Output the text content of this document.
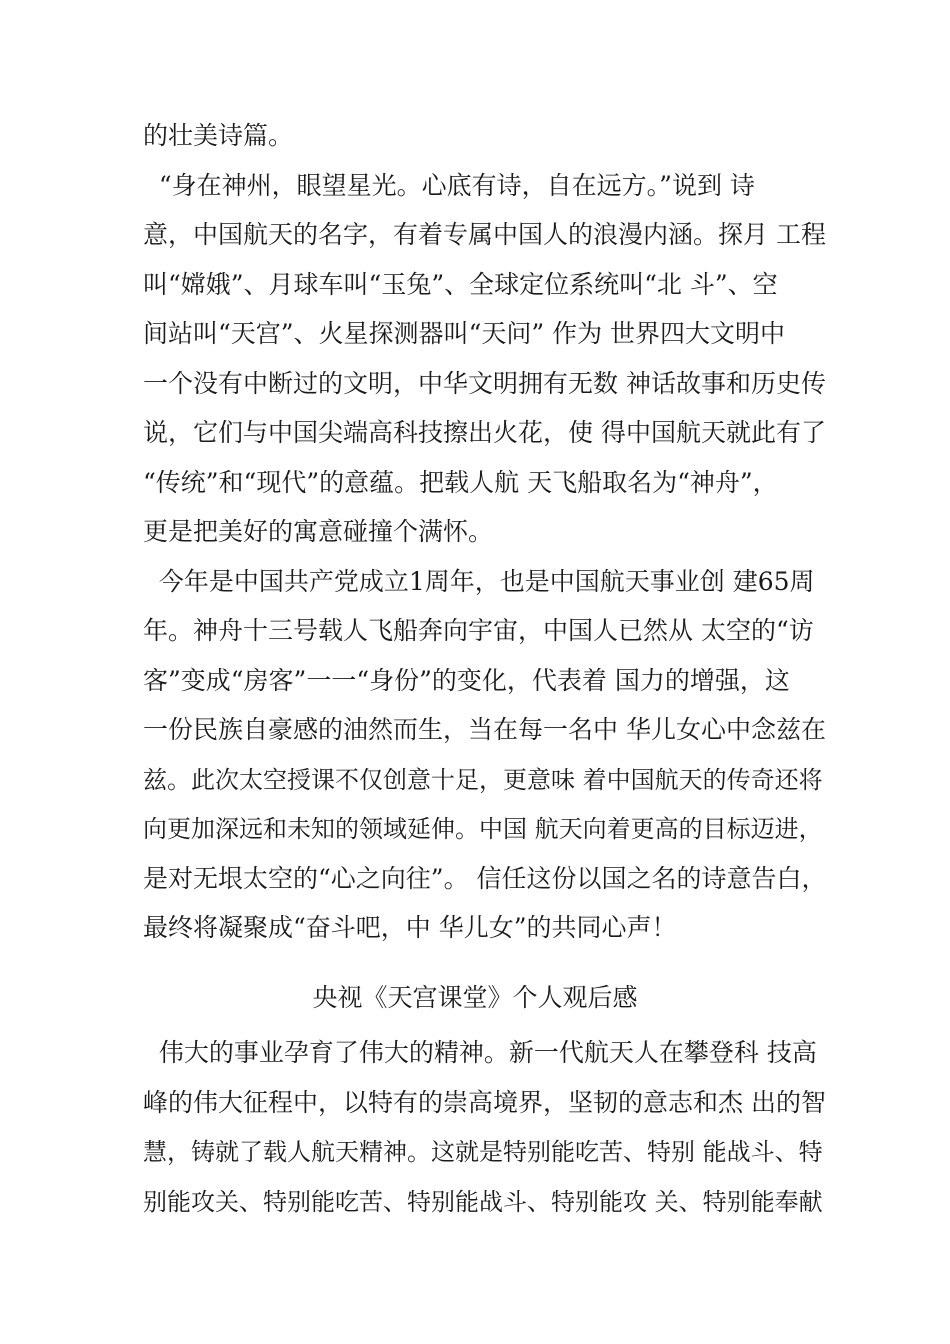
的壮美诗篇。
“身在神州，眼望星光。心底有诗，自在远方。”说到 诗
意，中国航天的名字，有着专属中国人的浪漫内涵。探月 工程
叫“嫦娥”、月球车叫“玉兔”、全球定位系统叫“北 斗”、空
间站叫“天宫”、火星探测器叫“天问” 作为 世界四大文明中
一个没有中断过的文明，中华文明拥有无数 神话故事和历史传
说，它们与中国尖端高科技擦出火花，使 得中国航天就此有了
“传统”和“现代”的意蕴。把载人航 天飞船取名为“神舟”，
更是把美好的寓意碰撞个满怀。
今年是中国共产党成立1周年，也是中国航天事业创 建65周
年。神舟十三号载人飞船奔向宇宙，中国人已然从 太空的“访
客”变成“房客”一一“身份”的变化，代表着 国力的增强，这
一份民族自豪感的油然而生，当在每一名中 华儿女心中念兹在
兹。此次太空授课不仅创意十足，更意味 着中国航天的传奇还将
向更加深远和未知的领域延伸。中国 航天向着更高的目标迈进，
是对无垠太空的“心之向往”。 信任这份以国之名的诗意告白，
最终将凝聚成“奋斗吧，中 华儿女”的共同心声！
央视《天宫课堂》个人观后感
伟大的事业孕育了伟大的精神。新一代航天人在攀登科 技高
峰的伟大征程中，以特有的崇高境界，坚韧的意志和杰 出的智
慧，铸就了载人航天精神。这就是特别能吃苦、特别 能战斗、特
别能攻关、特别能吃苦、特别能战斗、特别能攻 关、特别能奉献
